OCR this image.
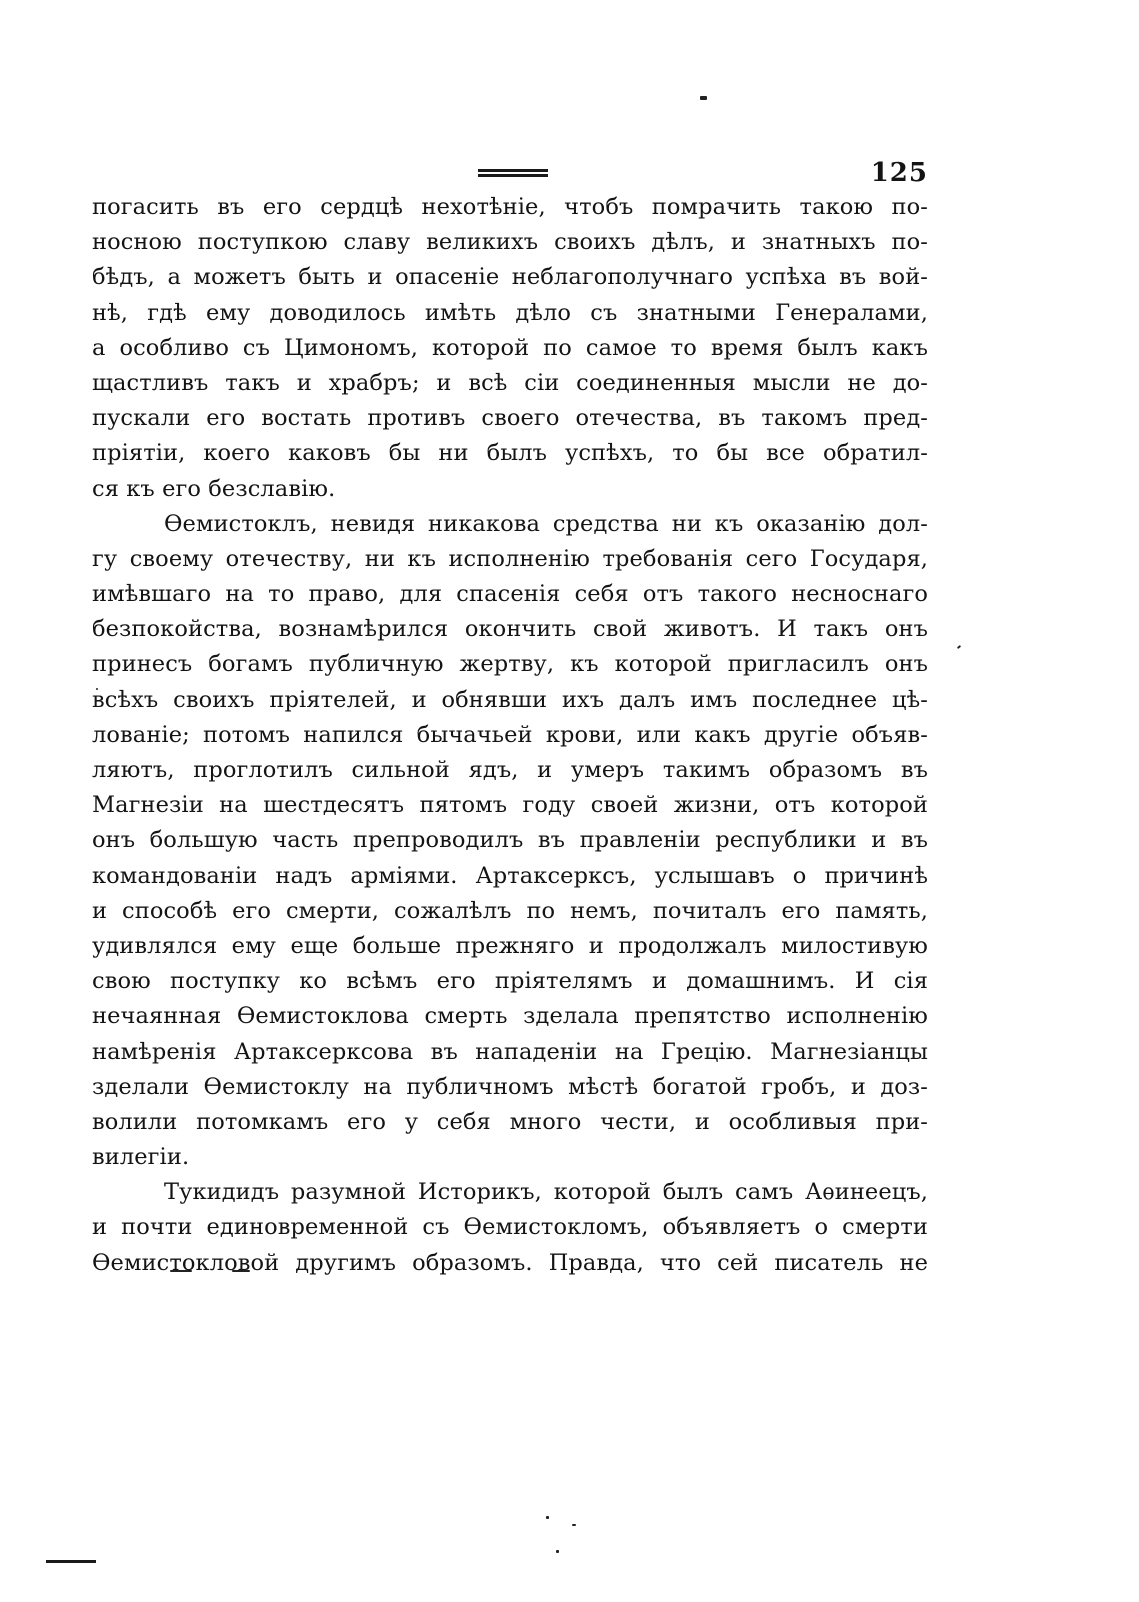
125
погасить въ его сердцѣ нехотѣніе, чтобъ помрачить такою по-
носною поступкою славу великихъ своихъ дѣлъ, и знатныхъ по-
бѣдъ, а можетъ быть и опасеніе неблагополучнаго успѣха въ вой-
нѣ, гдѣ ему доводилось имѣть дѣло съ знатными Генералами,
а особливо съ Цимономъ, которой по самое то время былъ какъ
щастливъ такъ и храбръ; и всѣ сіи соединенныя мысли не до-
пускали его востать противъ своего отечества, въ такомъ пред-
пріятіи, коего каковъ бы ни былъ успѣхъ, то бы все обратил-
ся къ его безславію.
Ѳемистоклъ, невидя никакова средства ни къ оказанію дол-
гу своему отечеству, ни къ исполненію требованія сего Государя,
имѣвшаго на то право, для спасенія себя отъ такого несноснаго
безпокойства, вознамѣрился окончить свой животъ. И такъ онъ
принесъ богамъ публичную жертву, къ которой пригласилъ онъ
всѣхъ своихъ пріятелей, и обнявши ихъ далъ имъ последнее цѣ-
лованіе; потомъ напился бычачьей крови, или какъ другіе объяв-
ляютъ, проглотилъ сильной ядъ, и умеръ такимъ образомъ въ
Магнезіи на шестдесятъ пятомъ году своей жизни, отъ которой
онъ большую часть препроводилъ въ правленіи республики и въ
командованіи надъ арміями. Артаксерксъ, услышавъ о причинѣ
и способѣ его смерти, сожалѣлъ по немъ, почиталъ его память,
удивлялся ему еще больше прежняго и продолжалъ милостивую
свою поступку ко всѣмъ его пріятелямъ и домашнимъ. И сія
нечаянная Ѳемистоклова смерть зделала препятство исполненію
намѣренія Артаксерксова въ нападеніи на Грецію. Магнезіанцы
зделали Ѳемистоклу на публичномъ мѣстѣ богатой гробъ, и доз-
волили потомкамъ его у себя много чести, и особливыя при-
вилегіи.
Тукидидъ разумной Историкъ, которой былъ самъ Аѳинеецъ,
и почти единовременной съ Ѳемистокломъ, объявляетъ о смерти
Ѳемистокловой другимъ образомъ. Правда, что сей писатель не
